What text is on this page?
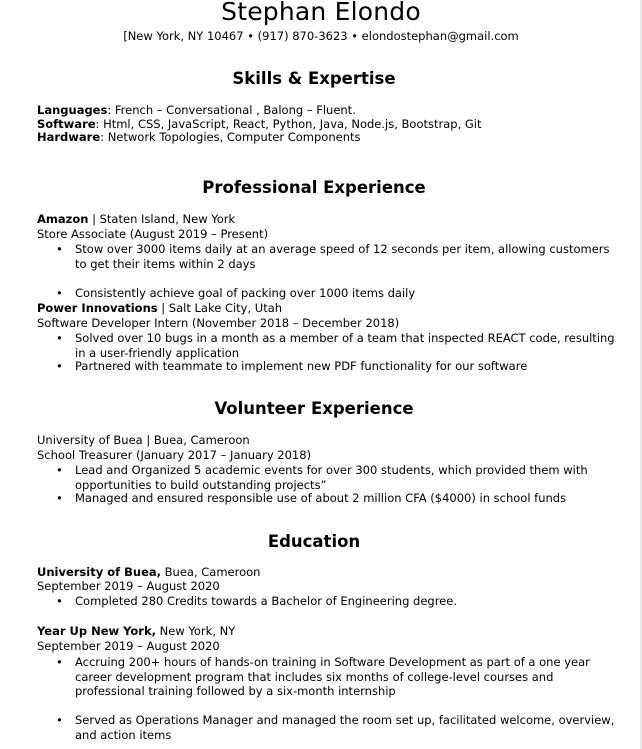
Stephan Elondo
[New York, NY 10467 • (917) 870-3623 • elondostephan@gmail.com
Skills & Expertise
Languages: French – Conversational , Balong – Fluent.
Software: Html, CSS, JavaScript, React, Python, Java, Node.js, Bootstrap, Git
Hardware: Network Topologies, Computer Components
Professional Experience
Amazon | Staten Island, New York
Store Associate (August 2019 – Present)
• Stow over 3000 items daily at an average speed of 12 seconds per item, allowing customers to get their items within 2 days
• Consistently achieve goal of packing over 1000 items daily
Power Innovations | Salt Lake City, Utah
Software Developer Intern (November 2018 – December 2018)
• Solved over 10 bugs in a month as a member of a team that inspected REACT code, resulting in a user-friendly application
• Partnered with teammate to implement new PDF functionality for our software
Volunteer Experience
University of Buea | Buea, Cameroon
School Treasurer (January 2017 – January 2018)
• Lead and Organized 5 academic events for over 300 students, which provided them with opportunities to build outstanding projects”
• Managed and ensured responsible use of about 2 million CFA ($4000) in school funds
Education
University of Buea, Buea, Cameroon
September 2019 – August 2020
• Completed 280 Credits towards a Bachelor of Engineering degree.
Year Up New York, New York, NY
September 2019 – August 2020
• Accruing 200+ hours of hands-on training in Software Development as part of a one year career development program that includes six months of college-level courses and professional training followed by a six-month internship
• Served as Operations Manager and managed the room set up, facilitated welcome, overview, and action items
